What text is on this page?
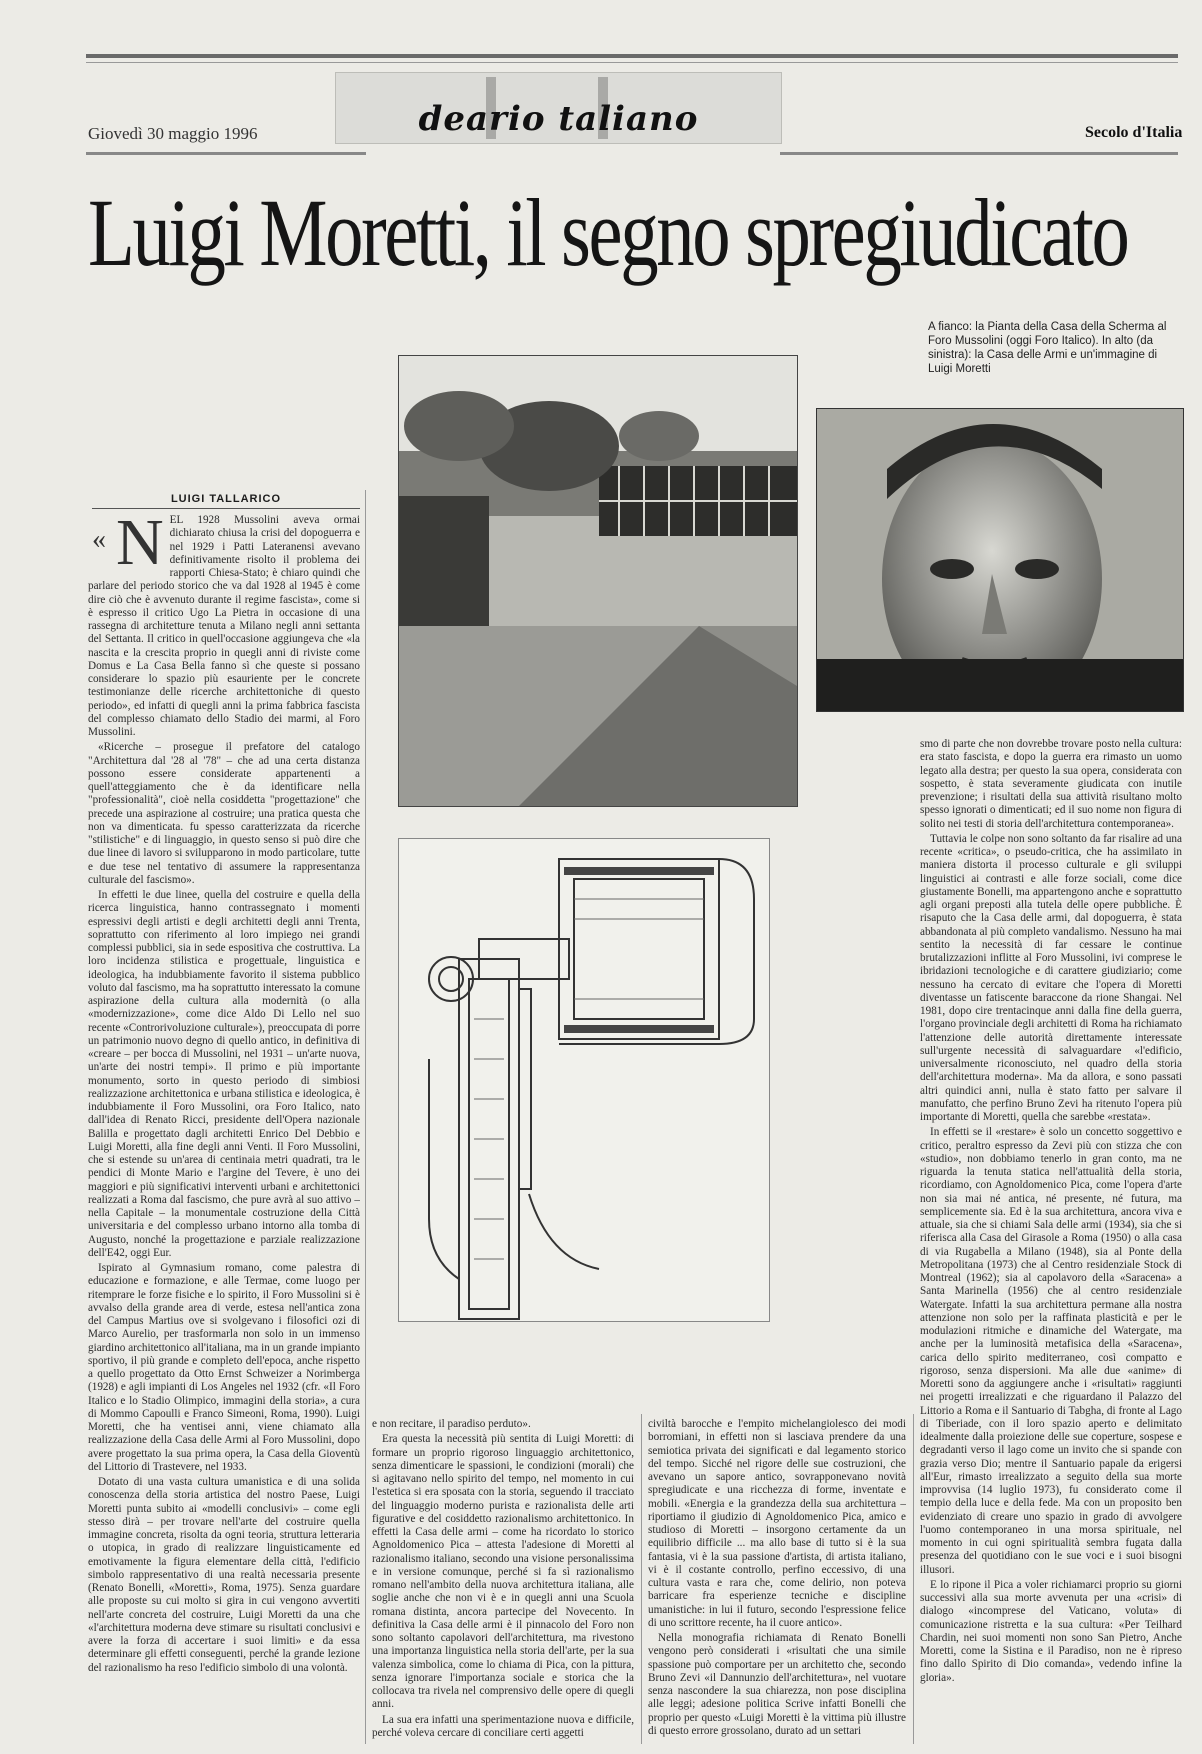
deario taliano
Giovedì 30 maggio 1996	Secolo d'Italia
Luigi Moretti, il segno spregiudicato
A fianco: la Pianta della Casa della Scherma al Foro Mussolini (oggi Foro Italico). In alto (da sinistra): la Casa delle Armi e un'immagine di Luigi Moretti
LUIGI TALLARICO
« N EL 1928 Mussolini aveva ormai dichiarato chiusa la crisi del dopoguerra e nel 1929 i Patti Lateranensi avevano definitivamente risolto il problema dei rapporti Chiesa-Stato; è chiaro quindi che parlare del periodo storico che va dal 1928 al 1945 è come dire ciò che è avvenuto durante il regime fascista», come si è espresso il critico Ugo La Pietra in occasione di una rassegna di architetture tenuta a Milano negli anni settanta del Settanta. Il critico in quell'occasione aggiungeva che «la nascita e la crescita proprio in quegli anni di riviste come Domus e La Casa Bella fanno sì che queste si possano considerare lo spazio più esauriente per le concrete testimonianze delle ricerche architettoniche di questo periodo», ed infatti di quegli anni la prima fabbrica fascista del complesso chiamato dello Stadio dei marmi, al Foro Mussolini.

«Ricerche – prosegue il prefatore del catalogo "Architettura dal '28 al '78" – che ad una certa distanza possono essere considerate appartenenti a quell'atteggiamento che è da identificare nella "professionalità", cioè nella cosiddetta "progettazione" che precede una aspirazione al costruire; una pratica questa che non va dimenticata. fu spesso caratterizzata da ricerche "stilistiche" e di linguaggio, in questo senso si può dire che due linee di lavoro si svilupparono in modo particolare, tutte e due tese nel tentativo di assumere la rappresentanza culturale del fascismo».

In effetti le due linee, quella del costruire e quella della ricerca linguistica, hanno contrassegnato i momenti espressivi degli artisti e degli architetti degli anni Trenta, soprattutto con riferimento al loro impiego nei grandi complessi pubblici, sia in sede espositiva che costruttiva. La loro incidenza stilistica e progettuale, linguistica e ideologica, ha indubbiamente favorito il sistema pubblico voluto dal fascismo, ma ha soprattutto interessato la comune aspirazione della cultura alla modernità (o alla «modernizzazione», come dice Aldo Di Lello nel suo recente «Controrivoluzione culturale»), preoccupata di porre un patrimonio nuovo degno di quello antico, in definitiva di «creare – per bocca di Mussolini, nel 1931 – un'arte nuova, un'arte dei nostri tempi». Il primo e più importante monumento, sorto in questo periodo di simbiosi realizzazione architettonica e urbana stilistica e ideologica, è indubbiamente il Foro Mussolini, ora Foro Italico, nato dall'idea di Renato Ricci, presidente dell'Opera nazionale Balilla e progettato dagli architetti Enrico Del Debbio e Luigi Moretti, alla fine degli anni Venti. Il Foro Mussolini, che si estende su un'area di centinaia metri quadrati, tra le pendici di Monte Mario e l'argine del Tevere, è uno dei maggiori e più significativi interventi urbani e architettonici realizzati a Roma dal fascismo, che pure avrà al suo attivo – nella Capitale – la monumentale costruzione della Città universitaria e del complesso urbano intorno alla tomba di Augusto, nonché la progettazione e parziale realizzazione dell'E42, oggi Eur.

Ispirato al Gymnasium romano, come palestra di educazione e formazione, e alle Termae, come luogo per ritemprare le forze fisiche e lo spirito, il Foro Mussolini si è avvalso della grande area di verde, estesa nell'antica zona del Campus Martius ove si svolgevano i filosofici ozi di Marco Aurelio, per trasformarla non solo in un immenso giardino architettonico all'italiana, ma in un grande impianto sportivo, il più grande e completo dell'epoca, anche rispetto a quello progettato da Otto Ernst Schweizer a Norimberga (1928) e agli impianti di Los Angeles nel 1932 (cfr. «Il Foro Italico e lo Stadio Olimpico, immagini della storia», a cura di Mommo Capoulli e Franco Simeoni, Roma, 1990). Luigi Moretti, che ha ventisei anni, viene chiamato alla realizzazione della Casa delle Armi al Foro Mussolini, dopo avere progettato la sua prima opera, la Casa della Gioventù del Littorio di Trastevere, nel 1933.

Dotato di una vasta cultura umanistica e di una solida conoscenza della storia artistica del nostro Paese, Luigi Moretti punta subito ai «modelli conclusivi» – come egli stesso dirà – per trovare nell'arte del costruire quella immagine concreta, risolta da ogni teoria, struttura letteraria o utopica, in grado di realizzare linguisticamente ed emotivamente la figura elementare della città, l'edificio simbolo rappresentativo di una realtà necessaria presente (Renato Bonelli, «Moretti», Roma, 1975). Senza guardare alle proposte su cui molto si gira in cui vengono avvertiti nell'arte concreta del costruire, Luigi Moretti da una che «l'architettura moderna deve stimare su risultati conclusivi e avere la forza di accertare i suoi limiti» e da essa determinare gli effetti conseguenti, perché la grande lezione del razionalismo ha reso l'edificio simbolo di una volontà.

e non recitare, il paradiso perduto».

Era questa la necessità più sentita di Luigi Moretti: di formare un proprio rigoroso linguaggio architettonico, senza dimenticare le spassioni, le condizioni (morali) che si agitavano nello spirito del tempo, nel momento in cui l'estetica si era sposata con la storia, seguendo il tracciato del linguaggio moderno purista e razionalista delle arti figurative e del cosiddetto razionalismo architettonico. In effetti la Casa delle armi – come ha ricordato lo storico Agnoldomenico Pica – attesta l'adesione di Moretti al razionalismo italiano, secondo una visione personalissima e in versione comunque, perché si fa sì razionalismo romano nell'ambito della nuova architettura italiana, alle soglie anche che non vi è e in quegli anni una Scuola romana distinta, ancora partecipe del Novecento. In definitiva la Casa delle armi è il pinnacolo del Foro non sono soltanto capolavori dell'architettura, ma rivestono una importanza linguistica nella storia dell'arte, per la sua valenza simbolica, come lo chiama di Pica, con la pittura, senza ignorare l'importanza sociale e storica che la collocava tra rivela nel comprensivo delle opere di quegli anni.

La sua era infatti una sperimentazione nuova e difficile, perché voleva cercare di conciliare certi aggetti

civiltà barocche e l'empito michelangiolesco dei modi borromiani, in effetti non si lasciava prendere da una semiotica privata dei significati e dal legamento storico del tempo. Sicché nel rigore delle sue costruzioni, che avevano un sapore antico, sovrapponevano novità spregiudicate e una ricchezza di forme, inventate e mobili. «Energia e la grandezza della sua architettura – riportiamo il giudizio di Agnoldomenico Pica, amico e studioso di Moretti – insorgono certamente da un equilibrio difficile ... ma allo base di tutto si è la sua fantasia, vi è la sua passione d'artista, di artista italiano, vi è il costante controllo, perfino eccessivo, di una cultura vasta e rara che, come delirio, non poteva barricare fra esperienze tecniche e discipline umanistiche: in lui il futuro, secondo l'espressione felice di uno scrittore recente, ha il cuore antico».

Nella monografia richiamata di Renato Bonelli vengono però considerati i «risultati che una simile spassione può comportare per un architetto che, secondo Bruno Zevi «il Dannunzio dell'architettura», nel vuotare senza nascondere la sua chiarezza, non pose disciplina alle leggi; adesione politica Scrive infatti Bonelli che proprio per questo «Luigi Moretti è la vittima più illustre di questo errore grossolano, durato ad un settari

smo di parte che non dovrebbe trovare posto nella cultura: era stato fascista, e dopo la guerra era rimasto un uomo legato alla destra; per questo la sua opera, considerata con sospetto, è stata severamente giudicata con inutile prevenzione; i risultati della sua attività risultano molto spesso ignorati o dimenticati; ed il suo nome non figura di solito nei testi di storia dell'architettura contemporanea».

Tuttavia le colpe non sono soltanto da far risalire ad una recente «critica», o pseudo-critica, che ha assimilato in maniera distorta il processo culturale e gli sviluppi linguistici ai contrasti e alle forze sociali, come dice giustamente Bonelli, ma appartengono anche e soprattutto agli organi preposti alla tutela delle opere pubbliche. È risaputo che la Casa delle armi, dal dopoguerra, è stata abbandonata al più completo vandalismo. Nessuno ha mai sentito la necessità di far cessare le continue brutalizzazioni inflitte al Foro Mussolini, ivi comprese le ibridazioni tecnologiche e di carattere giudiziario; come nessuno ha cercato di evitare che l'opera di Moretti diventasse un fatiscente baraccone da rione Shangai. Nel 1981, dopo cire trentacinque anni dalla fine della guerra, l'organo provinciale degli architetti di Roma ha richiamato l'attenzione delle autorità direttamente interessate sull'urgente necessità di salvaguardare «l'edificio, universalmente riconosciuto, nel quadro della storia dell'architettura moderna». Ma da allora, e sono passati altri quindici anni, nulla è stato fatto per salvare il manufatto, che perfino Bruno Zevi ha ritenuto l'opera più importante di Moretti, quella che sarebbe «restata».

In effetti se il «restare» è solo un concetto soggettivo e critico, peraltro espresso da Zevi più con stizza che con «studio», non dobbiamo tenerlo in gran conto, ma ne riguarda la tenuta statica nell'attualità della storia, ricordiamo, con Agnoldomenico Pica, come l'opera d'arte non sia mai né antica, né presente, né futura, ma semplicemente sia. Ed è la sua architettura, ancora viva e attuale, sia che si chiami Sala delle armi (1934), sia che si riferisca alla Casa del Girasole a Roma (1950) o alla casa di via Rugabella a Milano (1948), sia al Ponte della Metropolitana (1973) che al Centro residenziale Stock di Montreal (1962); sia al capolavoro della «Saracena» a Santa Marinella (1956) che al centro residenziale Watergate. Infatti la sua architettura permane alla nostra attenzione non solo per la raffinata plasticità e per le modulazioni ritmiche e dinamiche del Watergate, ma anche per la luminosità metafisica della «Saracena», carica dello spirito mediterraneo, così compatto e rigoroso, senza dispersioni. Ma alle due «anime» di Moretti sono da aggiungere anche i «risultati» raggiunti nei progetti irrealizzati e che riguardano il Palazzo del Littorio a Roma e il Santuario di Tabgha, di fronte al Lago di Tiberiade, con il loro spazio aperto e delimitato idealmente dalla proiezione delle sue coperture, sospese e degradanti verso il lago come un invito che si spande con grazia verso Dio; mentre il Santuario papale da erigersi all'Eur, rimasto irrealizzato a seguito della sua morte improvvisa (14 luglio 1973), fu considerato come il tempio della luce e della fede. Ma con un proposito ben evidenziato di creare uno spazio in grado di avvolgere l'uomo contemporaneo in una morsa spirituale, nel momento in cui ogni spiritualità sembra fugata dalla presenza del quotidiano con le sue voci e i suoi bisogni illusori.

E lo ripone il Pica a voler richiamarci proprio su giorni successivi alla sua morte avvenuta per una «crisi» di dialogo «incomprese del Vaticano, voluta» di comunicazione ristretta e la sua cultura: «Per Teilhard Chardin, nei suoi momenti non sono San Pietro, Anche Moretti, come la Sistina e il Paradiso, non ne è ripreso fino dallo Spirito di Dio comanda», vedendo infine la gloria».
